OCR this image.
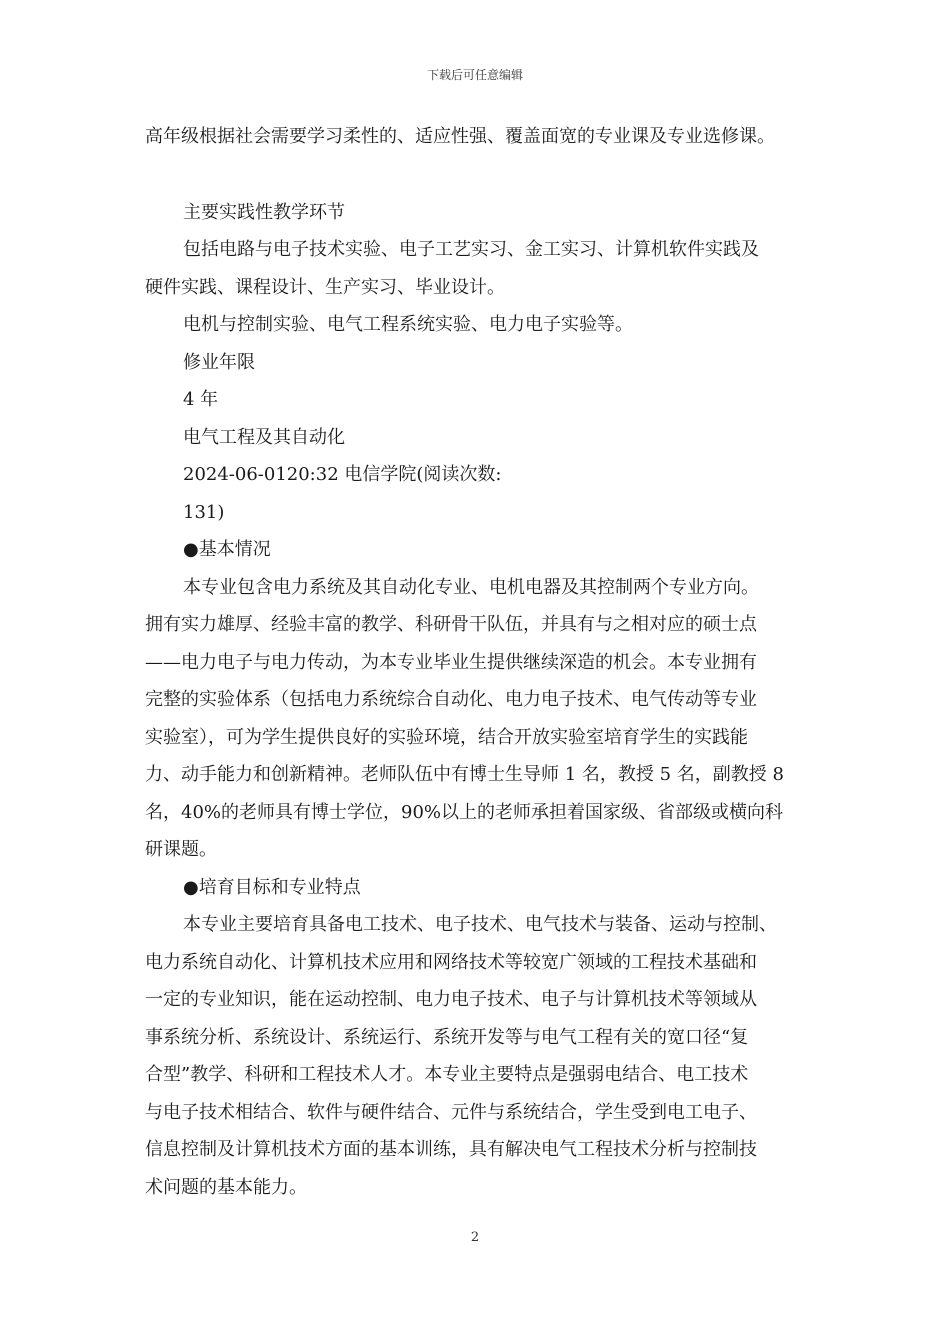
下载后可任意编辑
高年级根据社会需要学习柔性的、适应性强、覆盖面宽的专业课及专业选修课。
主要实践性教学环节
包括电路与电子技术实验、电子工艺实习、金工实习、计算机软件实践及
硬件实践、课程设计、生产实习、毕业设计。
电机与控制实验、电气工程系统实验、电力电子实验等。
修业年限
4 年
电气工程及其自动化
2024-06-0120:32 电信学院(阅读次数:
131)
●基本情况
本专业包含电力系统及其自动化专业、电机电器及其控制两个专业方向。
拥有实力雄厚、经验丰富的教学、科研骨干队伍，并具有与之相对应的硕士点
——电力电子与电力传动，为本专业毕业生提供继续深造的机会。本专业拥有
完整的实验体系（包括电力系统综合自动化、电力电子技术、电气传动等专业
实验室），可为学生提供良好的实验环境，结合开放实验室培育学生的实践能
力、动手能力和创新精神。老师队伍中有博士生导师 1 名，教授 5 名，副教授 8
名，40%的老师具有博士学位，90%以上的老师承担着国家级、省部级或横向科
研课题。
●培育目标和专业特点
本专业主要培育具备电工技术、电子技术、电气技术与装备、运动与控制、
电力系统自动化、计算机技术应用和网络技术等较宽广领域的工程技术基础和
一定的专业知识，能在运动控制、电力电子技术、电子与计算机技术等领域从
事系统分析、系统设计、系统运行、系统开发等与电气工程有关的宽口径“复
合型”教学、科研和工程技术人才。本专业主要特点是强弱电结合、电工技术
与电子技术相结合、软件与硬件结合、元件与系统结合，学生受到电工电子、
信息控制及计算机技术方面的基本训练，具有解决电气工程技术分析与控制技
术问题的基本能力。
2
